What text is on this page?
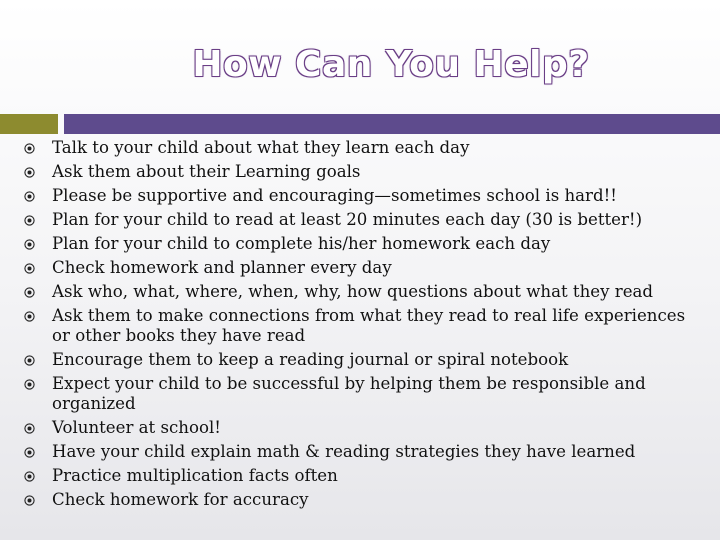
How Can You Help?
Talk to your child about what they learn each day
Ask them about their Learning goals
Please be supportive and encouraging—sometimes school is hard!!
Plan for your child to read at least 20 minutes each day (30 is better!)
Plan for your child to complete his/her homework each day
Check homework and planner every day
Ask who, what, where, when, why, how questions about what they read
Ask them to make connections from what they read to real life experiences or other books they have read
Encourage them to keep a reading journal or spiral notebook
Expect your child to be successful by helping them be responsible and organized
Volunteer at school!
Have your child explain math & reading strategies they have learned
Practice multiplication facts often
Check homework for accuracy
